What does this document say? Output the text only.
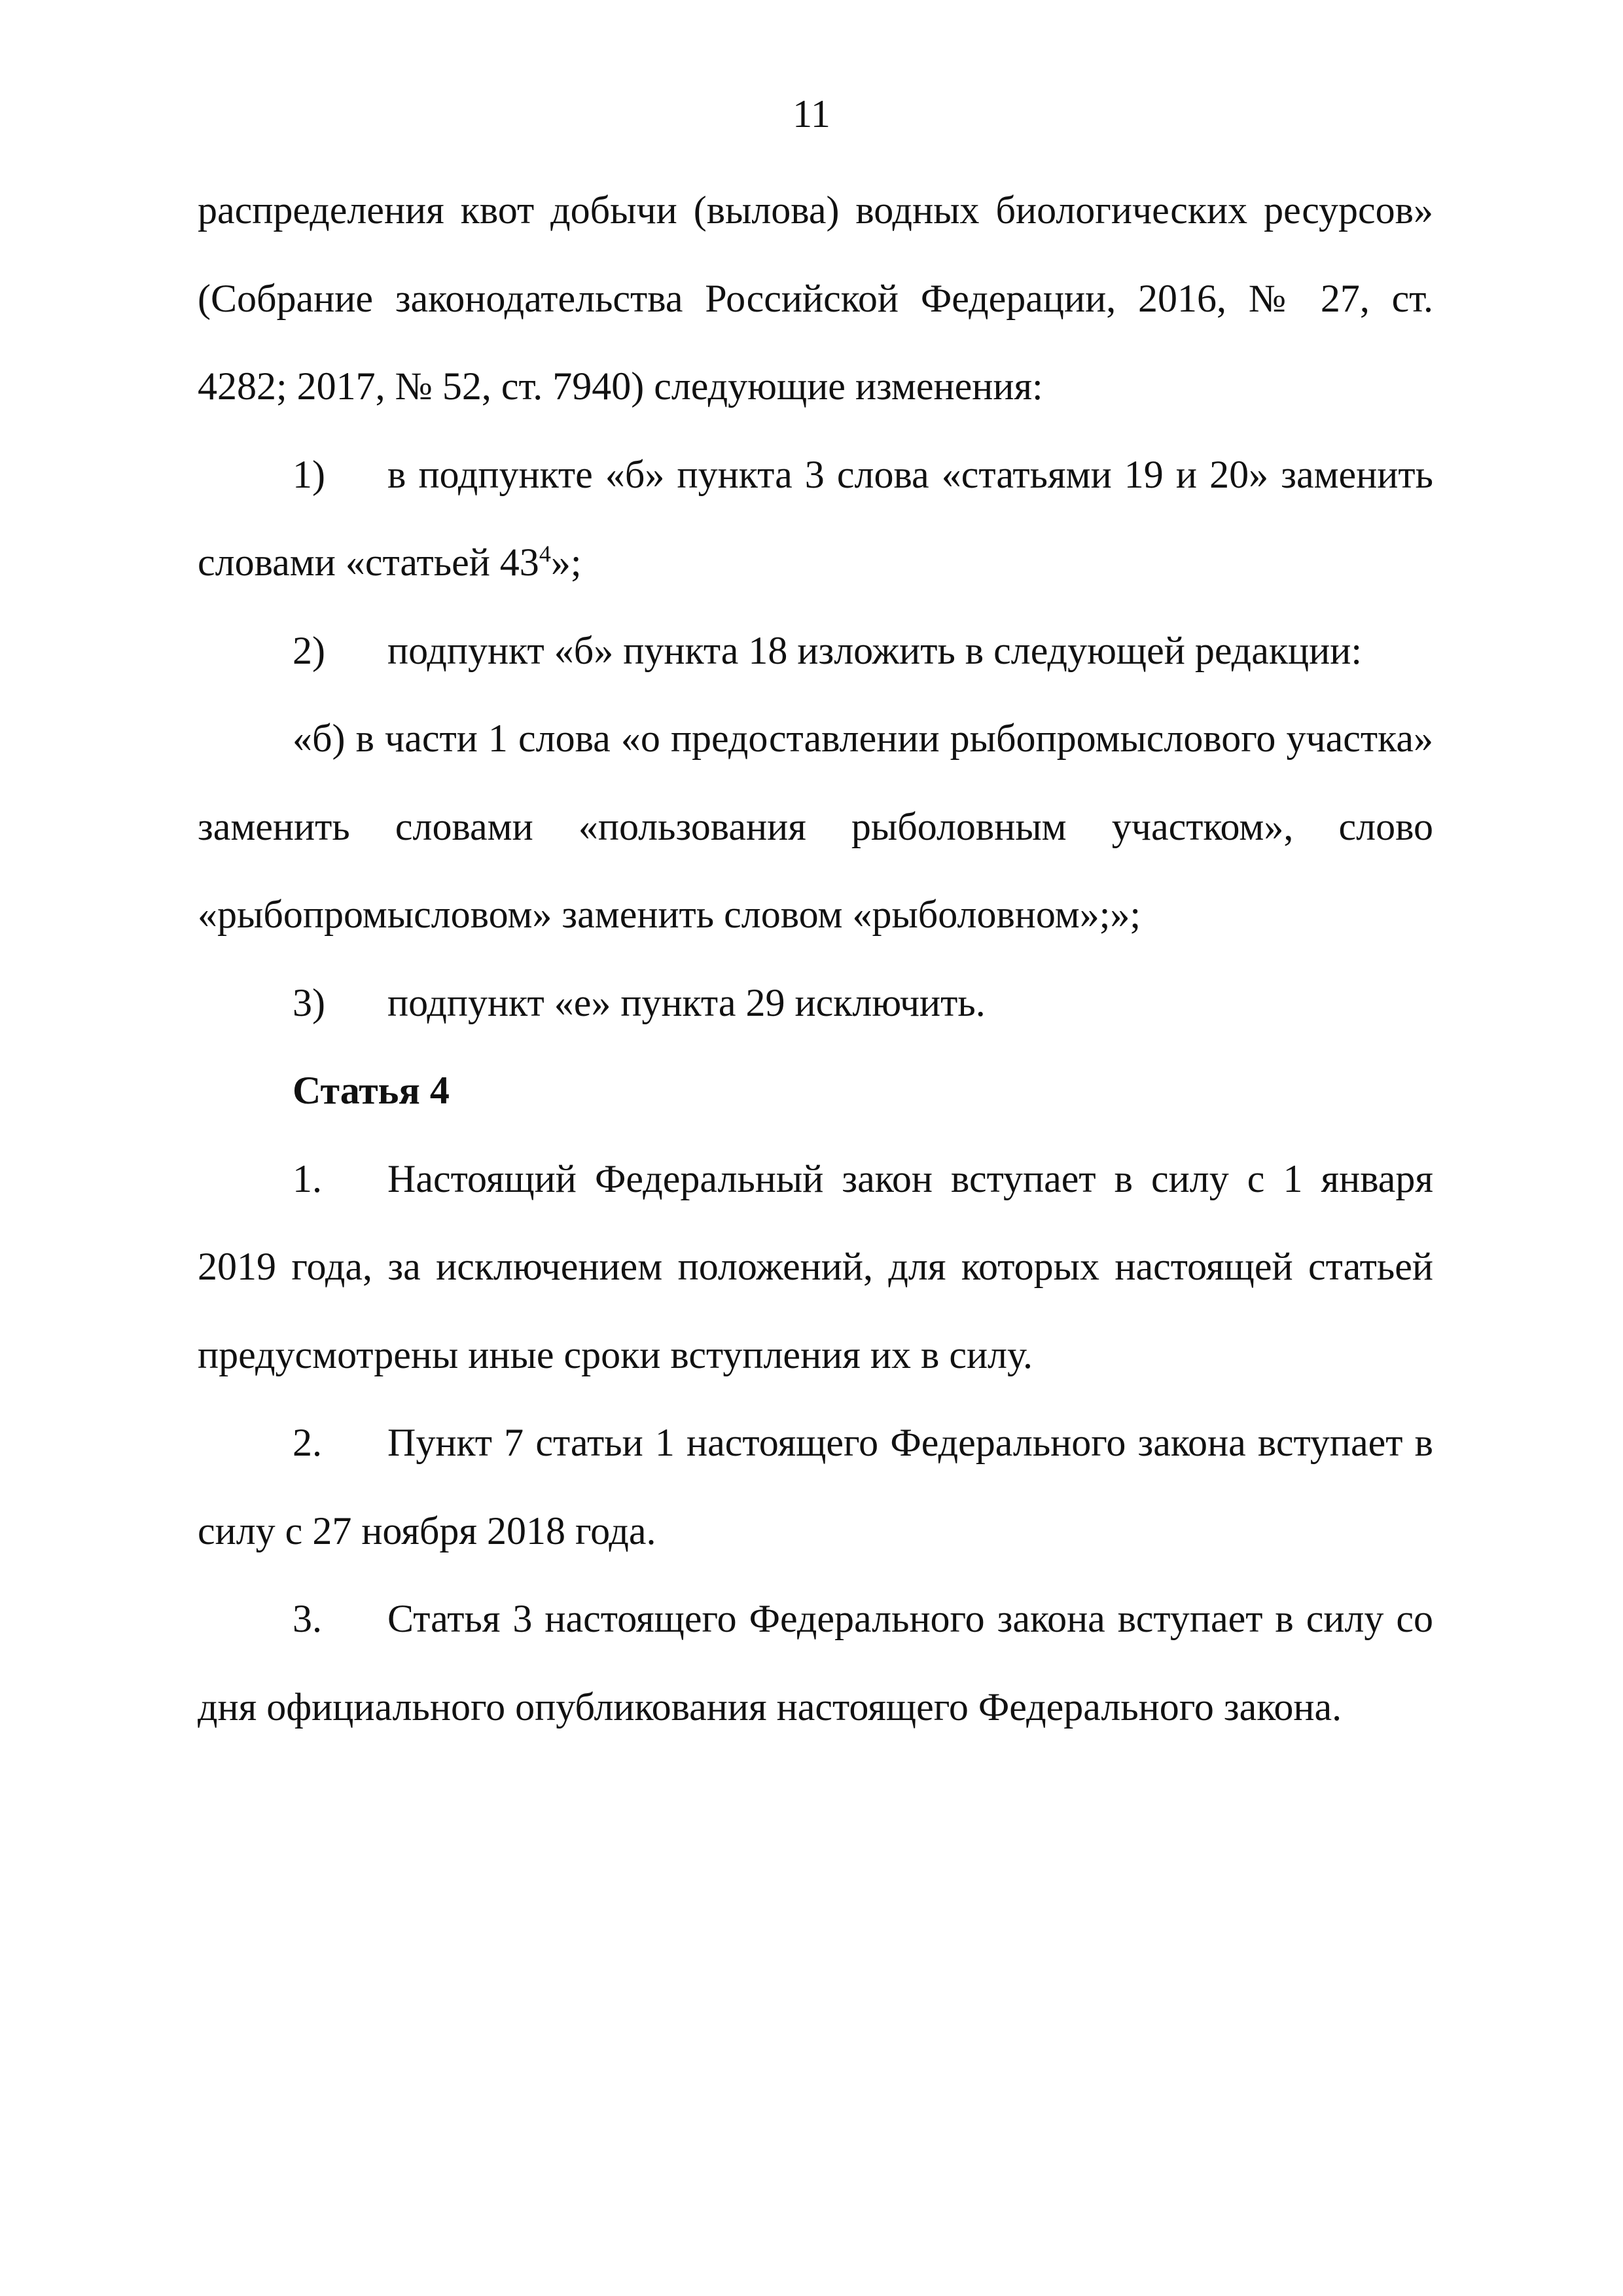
11

распределения квот добычи (вылова) водных биологических ресурсов» (Собрание законодательства Российской Федерации, 2016, № 27, ст. 4282; 2017, № 52, ст. 7940) следующие изменения:

1) в подпункте «б» пункта 3 слова «статьями 19 и 20» заменить словами «статьей $43^4$»;

2) подпункт «б» пункта 18 изложить в следующей редакции:

«б) в части 1 слова «о предоставлении рыбопромыслового участка» заменить словами «пользования рыболовным участком», слово «рыбопромысловом» заменить словом «рыболовном»;»;

3) подпункт «е» пункта 29 исключить.

Статья 4

1. Настоящий Федеральный закон вступает в силу с 1 января 2019 года, за исключением положений, для которых настоящей статьей предусмотрены иные сроки вступления их в силу.

2. Пункт 7 статьи 1 настоящего Федерального закона вступает в силу с 27 ноября 2018 года.

3. Статья 3 настоящего Федерального закона вступает в силу со дня официального опубликования настоящего Федерального закона.
